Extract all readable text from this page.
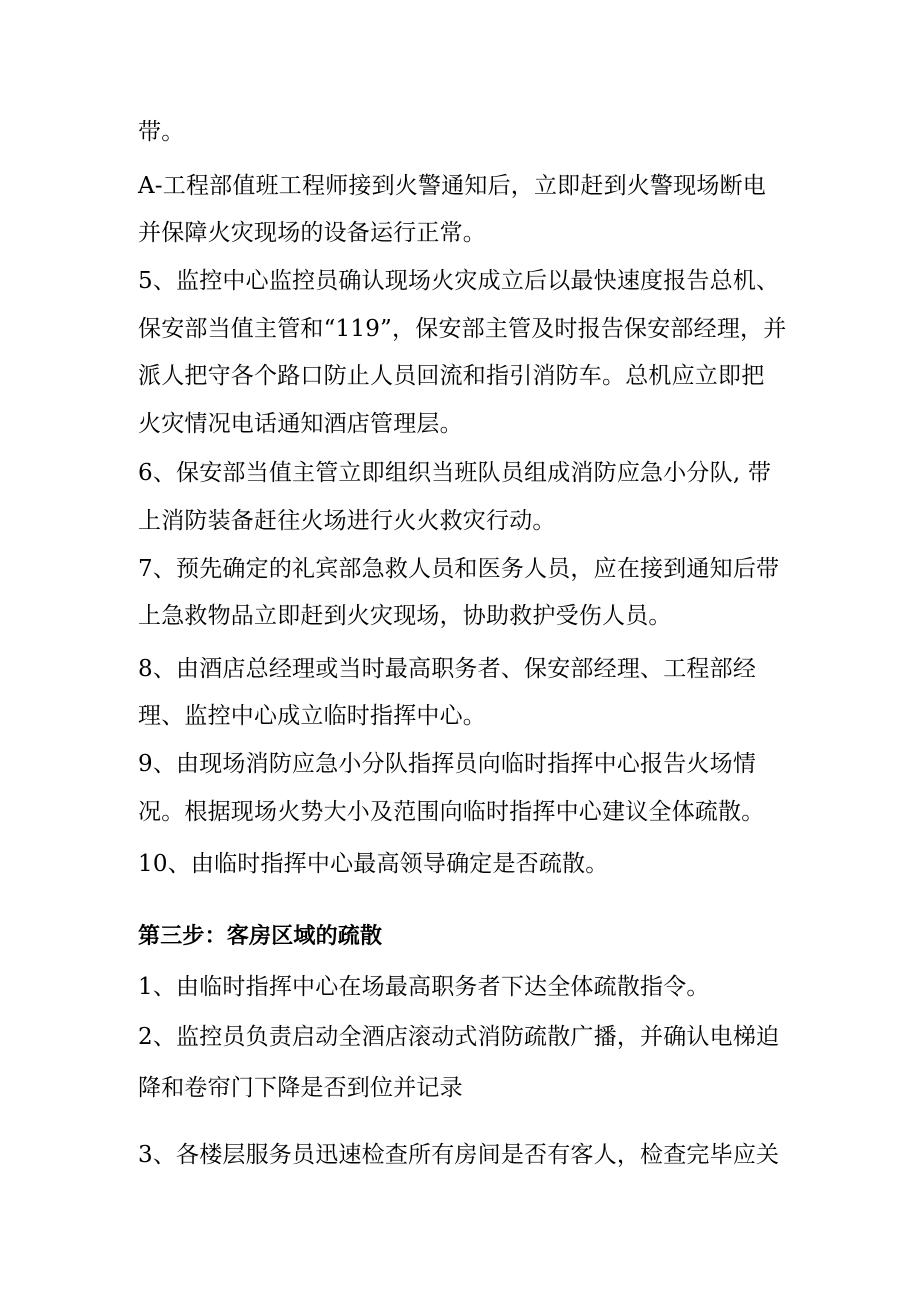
带。

A-工程部值班工程师接到火警通知后，立即赶到火警现场断电

并保障火灾现场的设备运行正常。

5、监控中心监控员确认现场火灾成立后以最快速度报告总机、

保安部当值主管和“119”，保安部主管及时报告保安部经理，并

派人把守各个路口防止人员回流和指引消防车。总机应立即把

火灾情况电话通知酒店管理层。

6、保安部当值主管立即组织当班队员组成消防应急小分队, 带

上消防装备赶往火场进行火火救灾行动。

7、预先确定的礼宾部急救人员和医务人员，应在接到通知后带

上急救物品立即赶到火灾现场，协助救护受伤人员。

8、由酒店总经理或当时最高职务者、保安部经理、工程部经

理、监控中心成立临时指挥中心。

9、由现场消防应急小分队指挥员向临时指挥中心报告火场情

况。根据现场火势大小及范围向临时指挥中心建议全体疏散。

10、由临时指挥中心最高领导确定是否疏散。

第三步：客房区域的疏散

1、由临时指挥中心在场最高职务者下达全体疏散指令。

2、监控员负责启动全酒店滚动式消防疏散广播，并确认电梯迫

降和卷帘门下降是否到位并记录

3、各楼层服务员迅速检查所有房间是否有客人，检查完毕应关
